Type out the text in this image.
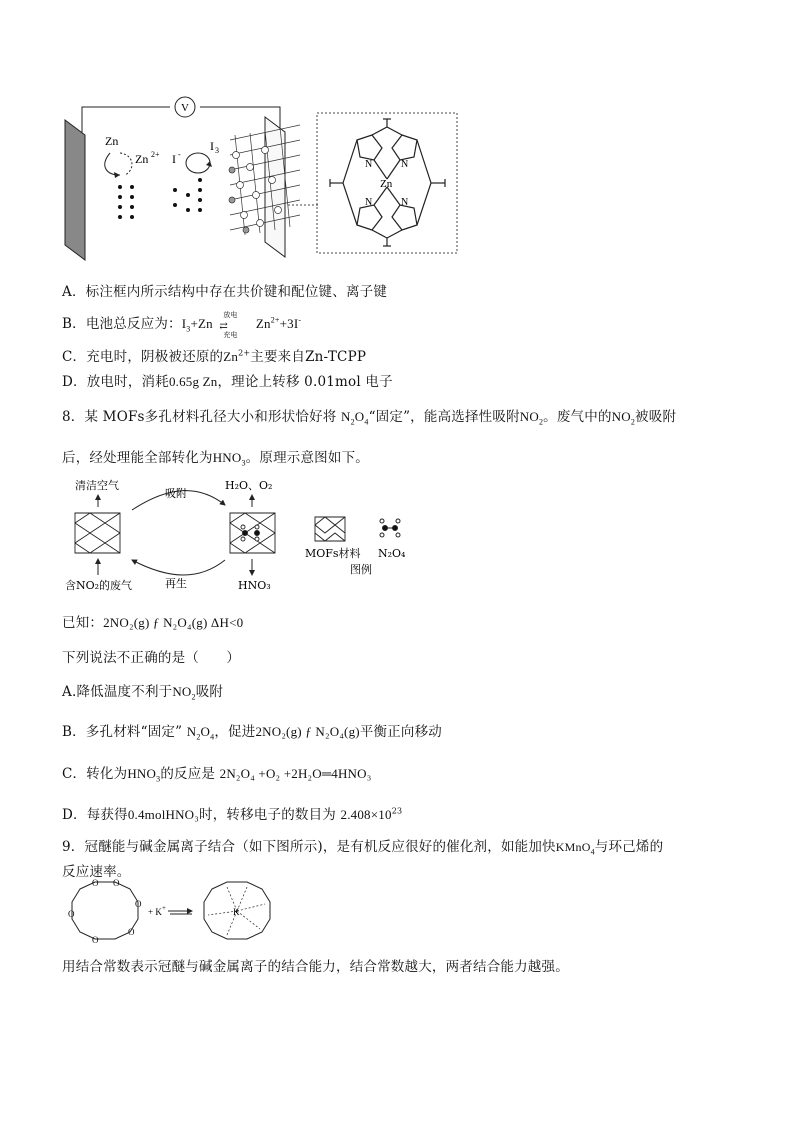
V
Zn
Zn 2+ I -
I 3
Zn
N	N
N	N
A．标注框内所示结构中存在共价键和配位键、离子键
B．电池总反应为：$I_3+Zn$
放电
⇄
充电
$Zn^{2+}+3I^-$
C．充电时，阴极被还原的$Zn^{2+}$主要来自Zn-TCPP
D．放电时，消耗0.65g Zn，理论上转移 0.01mol 电子
8．某 MOFs多孔材料孔径大小和形状恰好将 $N_2O_4“$固定”，能高选择性吸附$NO_2$。废气中的$NO_2$被吸附
后，经处理能全部转化为$HNO_3$。原理示意图如下。
清洁空气
含NO₂的废气
吸附
再生
H₂O、O₂
HNO₃
MOFs材料 N₂O₄
图例
已知：2NO₂(g) ƒ N₂O₄(g) ΔH<0
下列说法不正确的是（　　）
A.降低温度不利于$NO_2$吸附
B．多孔材料“固定” $N_2O_4$，促进2NO₂(g) ƒ N₂O₄(g)平衡正向移动
C．转化为$HNO_3$的反应是 2N₂O₄ +O₂ +2H₂O═4HNO₃
D．每获得0.4molHNO₃时，转移电子的数目为 $2.408\times 10^{23}$
9．冠醚能与碱金属离子结合（如下图所示)，是有机反应很好的催化剂，如能加快KMnO$_4$与环己烯的
反应速率。
O O
O
O
O
O	+ K +	K
用结合常数表示冠醚与碱金属离子的结合能力，结合常数越大，两者结合能力越强。
